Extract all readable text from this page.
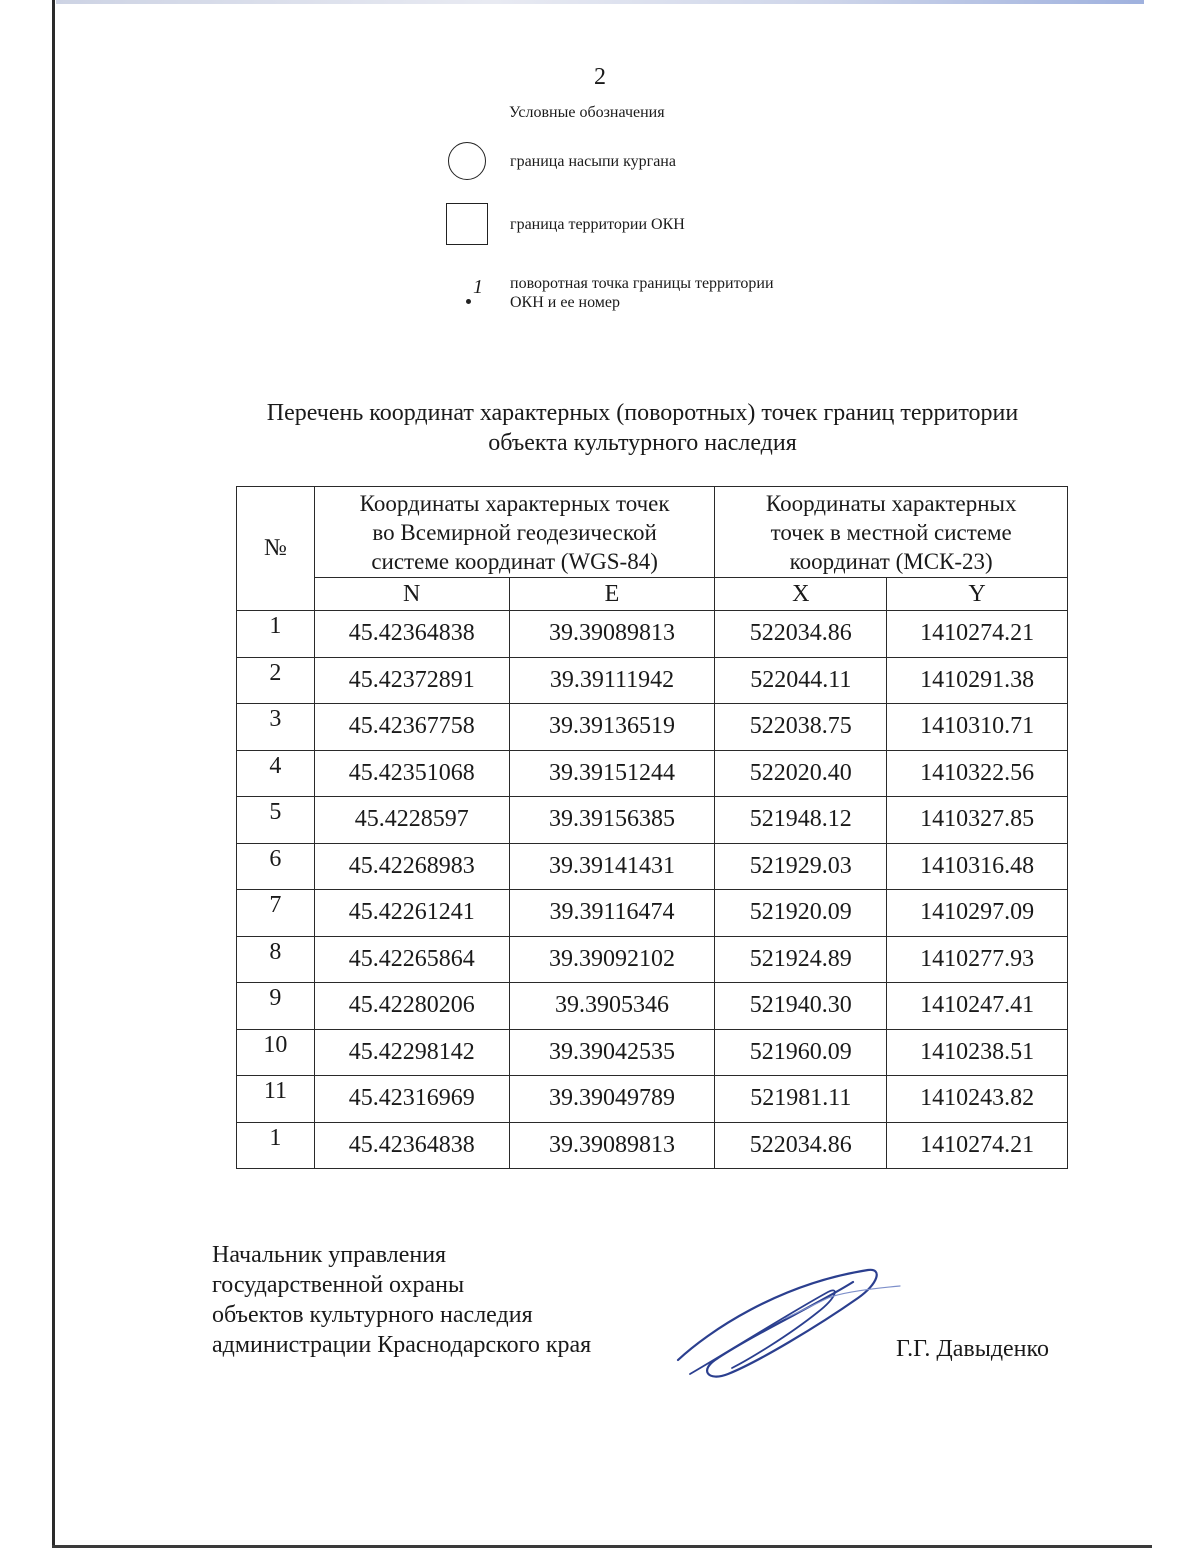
2
Условные обозначения
граница насыпи кургана
граница территории ОКН
1 поворотная точка границы территории
ОКН и ее номер
Перечень координат характерных (поворотных) точек границ территории
объекта культурного наследия
№	Координаты характерных точек
во Всемирной геодезической
системе координат (WGS-84)		Координаты характерных
точек в местной системе
координат (МСК-23)	
	N	E	X	Y
1	45.42364838	39.39089813	522034.86	1410274.21
2	45.42372891	39.39111942	522044.11	1410291.38
3	45.42367758	39.39136519	522038.75	1410310.71
4	45.42351068	39.39151244	522020.40	1410322.56
5	45.4228597	39.39156385	521948.12	1410327.85
6	45.42268983	39.39141431	521929.03	1410316.48
7	45.42261241	39.39116474	521920.09	1410297.09
8	45.42265864	39.39092102	521924.89	1410277.93
9	45.42280206	39.3905346	521940.30	1410247.41
10	45.42298142	39.39042535	521960.09	1410238.51
11	45.42316969	39.39049789	521981.11	1410243.82
1	45.42364838	39.39089813	522034.86	1410274.21
Начальник управления
государственной охраны
объектов культурного наследия
администрации Краснодарского края	Г.Г. Давыденко
